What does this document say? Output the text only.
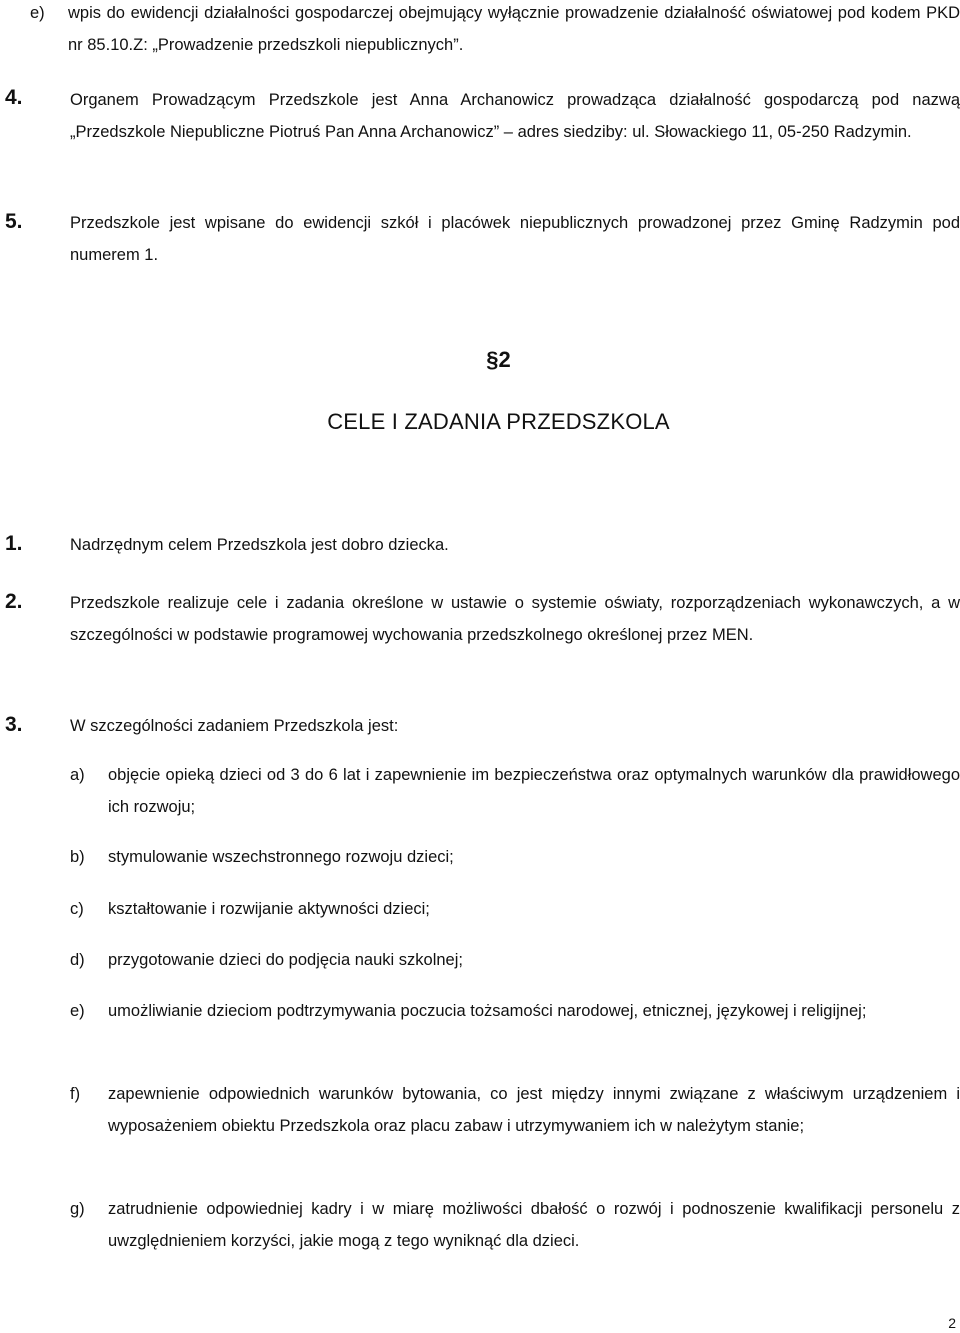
e) wpis do ewidencji działalności gospodarczej obejmujący wyłącznie prowadzenie działalność oświatowej pod kodem PKD nr 85.10.Z: „Prowadzenie przedszkoli niepublicznych”.

4.	Organem Prowadzącym Przedszkole jest Anna Archanowicz prowadząca działalność gospodarczą pod nazwą „Przedszkole Niepubliczne Piotruś Pan Anna Archanowicz” – adres siedziby: ul. Słowackiego 11, 05-250 Radzymin.

5.	Przedszkole jest wpisane do ewidencji szkół i placówek niepublicznych prowadzonej przez Gminę Radzymin pod numerem 1.

§2
CELE I ZADANIA PRZEDSZKOLA
1.	Nadrzędnym celem Przedszkola jest dobro dziecka.

2.	Przedszkole realizuje cele i zadania określone w ustawie o systemie oświaty, rozporządzeniach wykonawczych, a w szczególności w podstawie programowej wychowania przedszkolnego określonej przez MEN.

3.	W szczególności zadaniem Przedszkola jest:

a) objęcie opieką dzieci od 3 do 6 lat i zapewnienie im bezpieczeństwa oraz optymalnych warunków dla prawidłowego ich rozwoju;

b) stymulowanie wszechstronnego rozwoju dzieci;

c) kształtowanie i rozwijanie aktywności dzieci;

d) przygotowanie dzieci do podjęcia nauki szkolnej;

e) umożliwianie dzieciom podtrzymywania poczucia tożsamości narodowej, etnicznej, językowej i religijnej;

f) zapewnienie odpowiednich warunków bytowania, co jest między innymi związane z właściwym urządzeniem i wyposażeniem obiektu Przedszkola oraz placu zabaw i utrzymywaniem ich w należytym stanie;

g) zatrudnienie odpowiedniej kadry i w miarę możliwości dbałość o rozwój i podnoszenie kwalifikacji personelu z uwzględnieniem korzyści, jakie mogą z tego wyniknąć dla dzieci.

2
